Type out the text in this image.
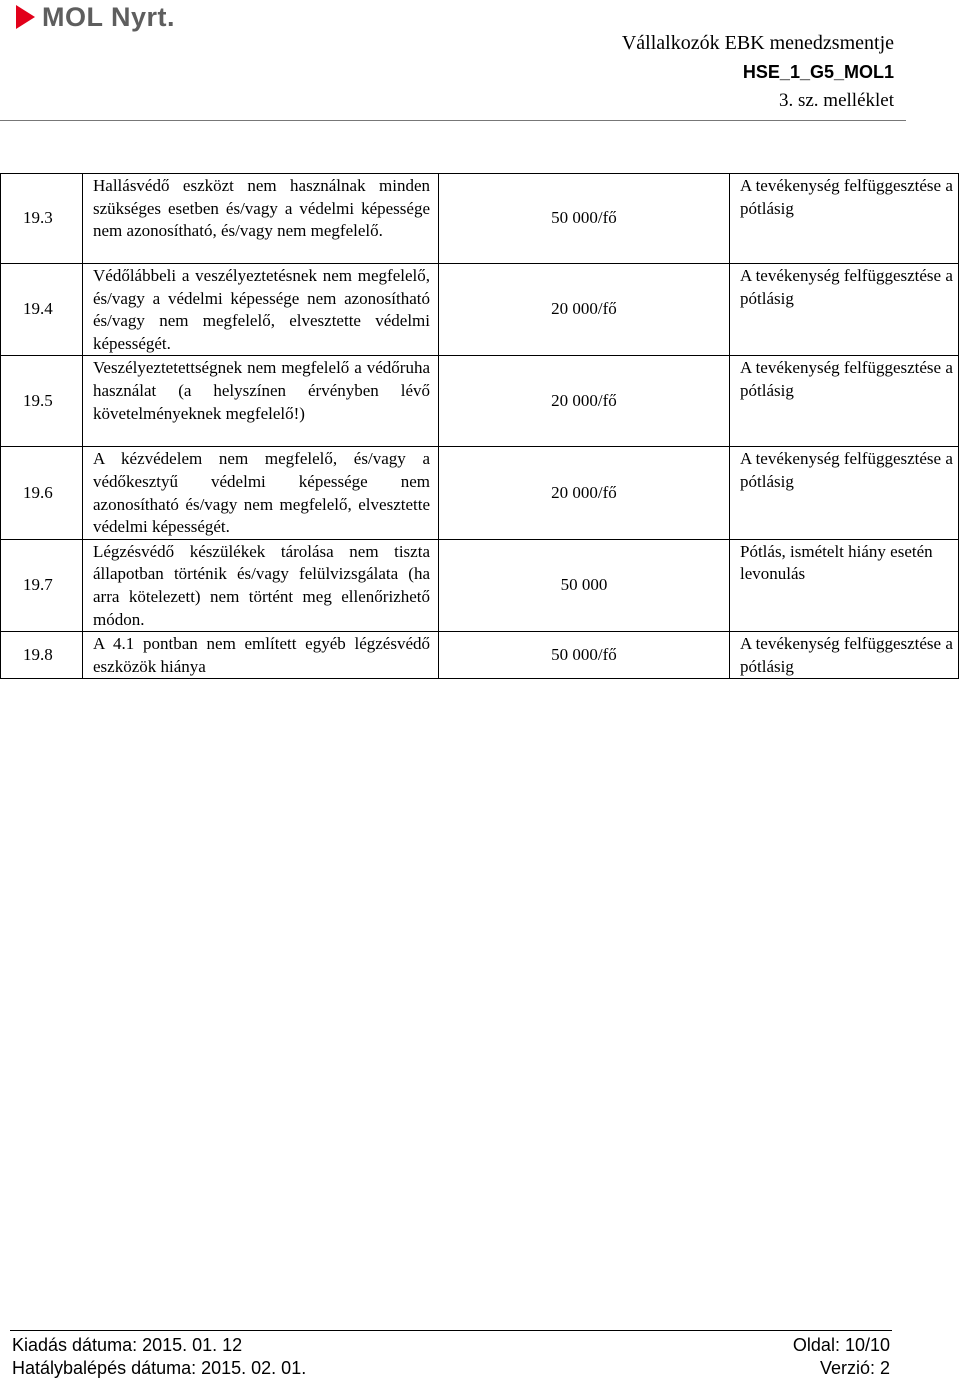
MOL Nyrt.
Vállalkozók EBK menedzsmentje
HSE_1_G5_MOL1
3. sz. melléklet
19.3	Hallásvédő eszközt nem használnak minden szükséges esetben és/vagy a védelmi képessége nem azonosítható, és/vagy nem megfelelő.	50 000/fő	A tevékenység felfüggesztése a pótlásig
19.4	Védőlábbeli a veszélyeztetésnek nem megfelelő, és/vagy a védelmi képessége nem azonosítható és/vagy nem megfelelő, elvesztette védelmi képességét.	20 000/fő	A tevékenység felfüggesztése a pótlásig
19.5	Veszélyeztetettségnek nem megfelelő a védőruha használat (a helyszínen érvényben lévő követelményeknek megfelelő!)	20 000/fő	A tevékenység felfüggesztése a pótlásig
19.6	A kézvédelem nem megfelelő, és/vagy a védőkesztyű védelmi képessége nem azonosítható és/vagy nem megfelelő, elvesztette védelmi képességét.	20 000/fő	A tevékenység felfüggesztése a pótlásig
19.7	Légzésvédő készülékek tárolása nem tiszta állapotban történik és/vagy felülvizsgálata (ha arra kötelezett) nem történt meg ellenőrizhető módon.	50 000	Pótlás, ismételt hiány esetén levonulás
19.8	A 4.1 pontban nem említett egyéb légzésvédő eszközök hiánya	50 000/fő	A tevékenység felfüggesztése a pótlásig
Kiadás dátuma: 2015. 01. 12	Oldal: 10/10
Hatálybalépés dátuma: 2015. 02. 01.	Verzió: 2
